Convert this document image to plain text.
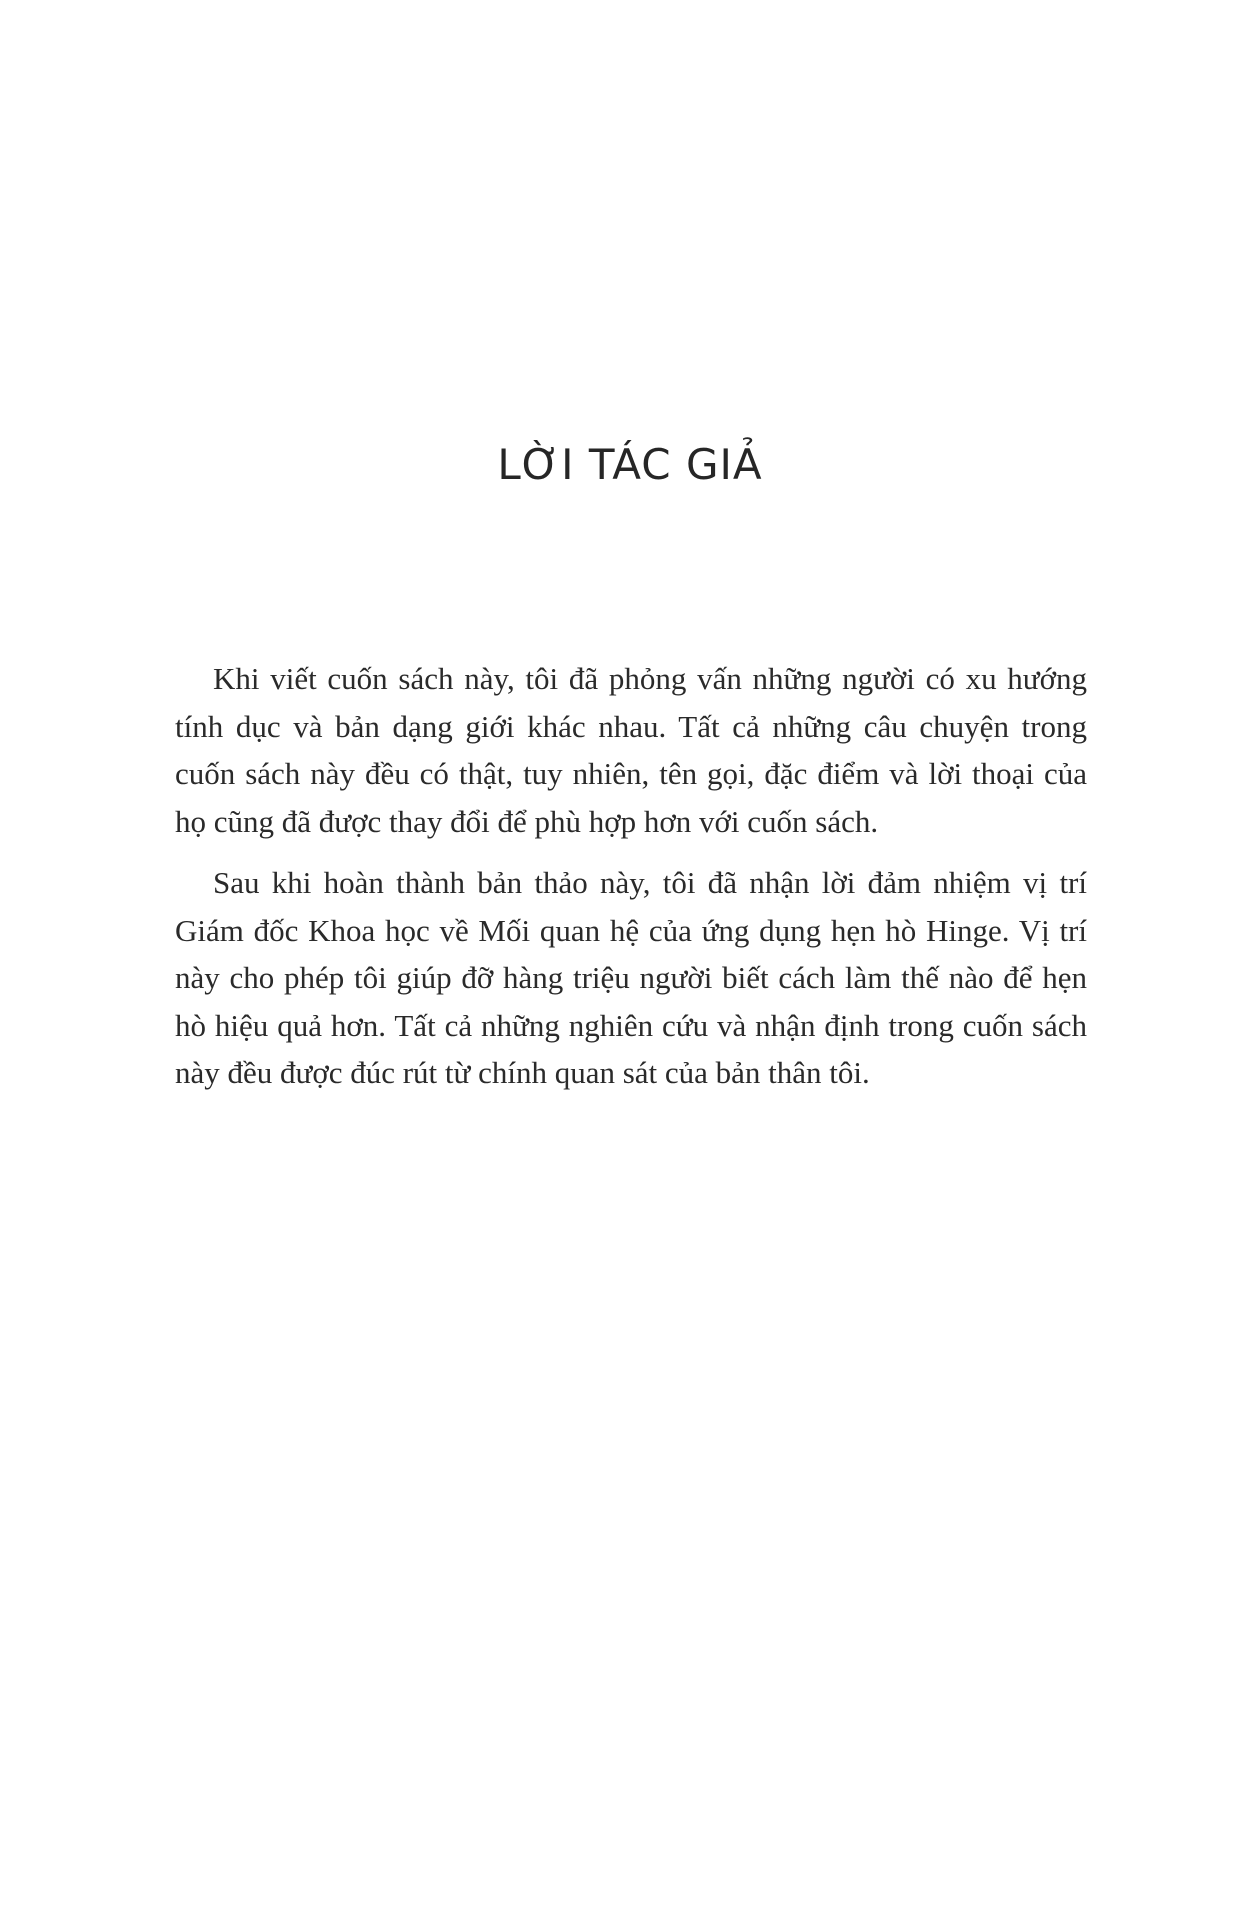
LỜI TÁC GIẢ

Khi viết cuốn sách này, tôi đã phỏng vấn những người có xu hướng tính dục và bản dạng giới khác nhau. Tất cả những câu chuyện trong cuốn sách này đều có thật, tuy nhiên, tên gọi, đặc điểm và lời thoại của họ cũng đã được thay đổi để phù hợp hơn với cuốn sách.

Sau khi hoàn thành bản thảo này, tôi đã nhận lời đảm nhiệm vị trí Giám đốc Khoa học về Mối quan hệ của ứng dụng hẹn hò Hinge. Vị trí này cho phép tôi giúp đỡ hàng triệu người biết cách làm thế nào để hẹn hò hiệu quả hơn. Tất cả những nghiên cứu và nhận định trong cuốn sách này đều được đúc rút từ chính quan sát của bản thân tôi.
